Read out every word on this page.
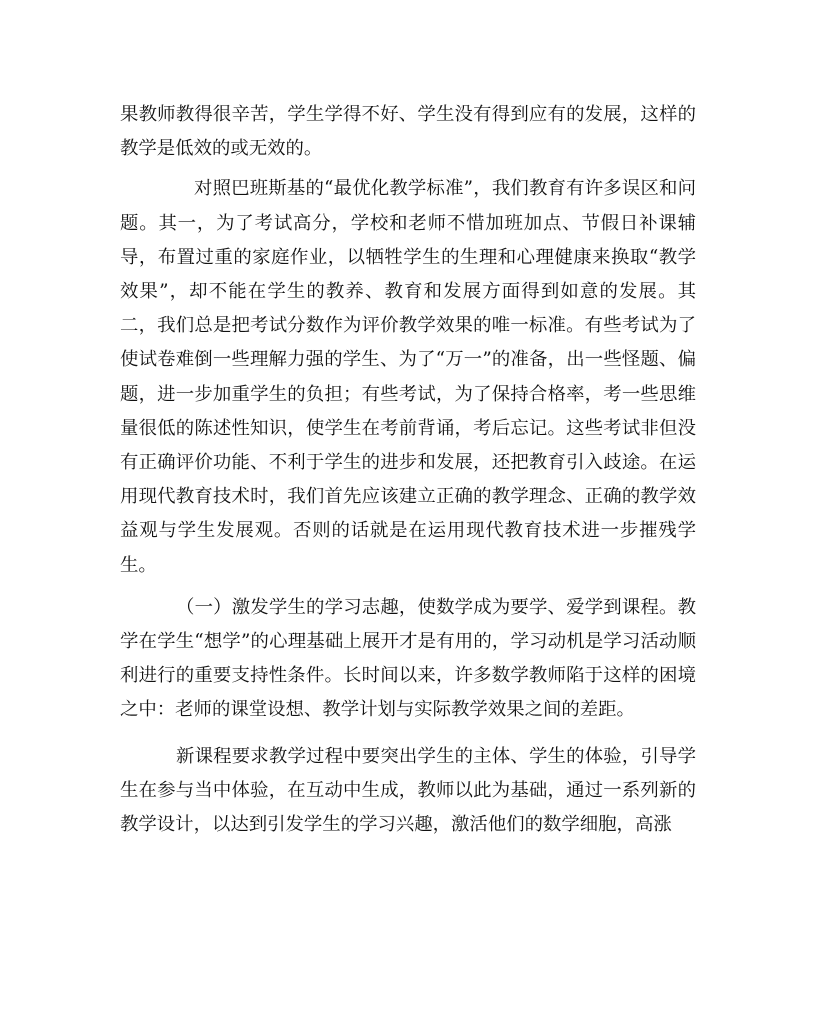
果教师教得很辛苦，学生学得不好、学生没有得到应有的发展，这样的教学是低效的或无效的。

对照巴班斯基的“最优化教学标准”，我们教育有许多误区和问题。其一，为了考试高分，学校和老师不惜加班加点、节假日补课辅导，布置过重的家庭作业，以牺牲学生的生理和心理健康来换取“教学效果”，却不能在学生的教养、教育和发展方面得到如意的发展。其二，我们总是把考试分数作为评价教学效果的唯一标准。有些考试为了使试卷难倒一些理解力强的学生、为了“万一”的准备，出一些怪题、偏题，进一步加重学生的负担；有些考试，为了保持合格率，考一些思维量很低的陈述性知识，使学生在考前背诵，考后忘记。这些考试非但没有正确评价功能、不利于学生的进步和发展，还把教育引入歧途。在运用现代教育技术时，我们首先应该建立正确的教学理念、正确的教学效益观与学生发展观。否则的话就是在运用现代教育技术进一步摧残学生。

（一）激发学生的学习志趣，使数学成为要学、爱学到课程。教学在学生“想学”的心理基础上展开才是有用的，学习动机是学习活动顺利进行的重要支持性条件。长时间以来，许多数学教师陷于这样的困境之中：老师的课堂设想、教学计划与实际教学效果之间的差距。

新课程要求教学过程中要突出学生的主体、学生的体验，引导学生在参与当中体验，在互动中生成，教师以此为基础，通过一系列新的教学设计，以达到引发学生的学习兴趣，激活他们的数学细胞，高涨
